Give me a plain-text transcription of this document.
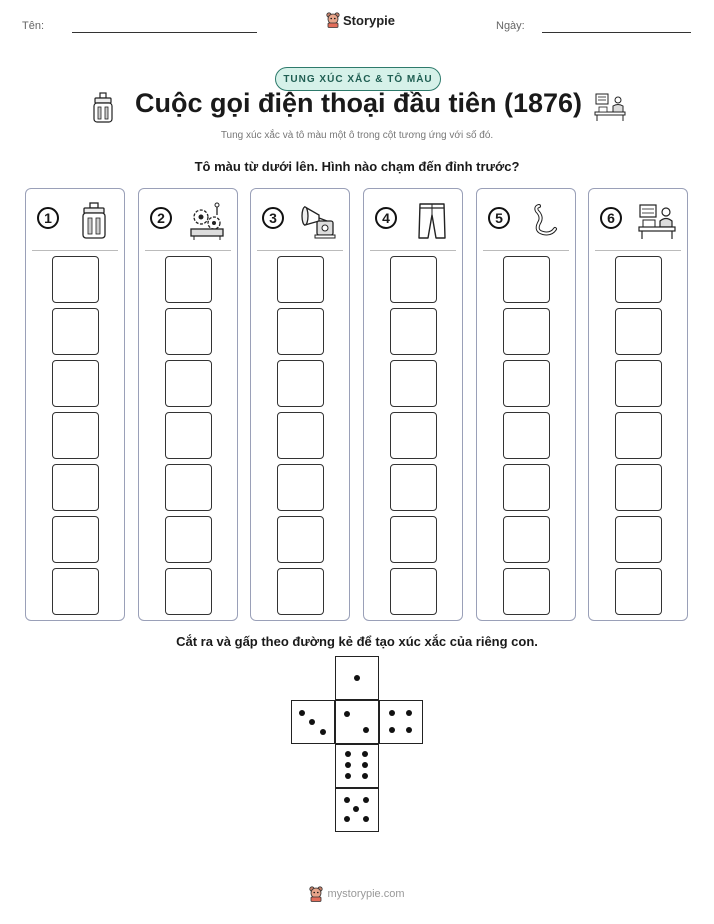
Tên:	Storypie	Ngày:
TUNG XÚC XẮC & TÔ MÀU
Cuộc gọi điện thoại đầu tiên (1876)
Tung xúc xắc và tô màu một ô trong cột tương ứng với số đó.
Tô màu từ dưới lên. Hình nào chạm đến đỉnh trước?
1	2	3	4	5	6
Cắt ra và gấp theo đường kẻ để tạo xúc xắc của riêng con.
mystorypie.com
